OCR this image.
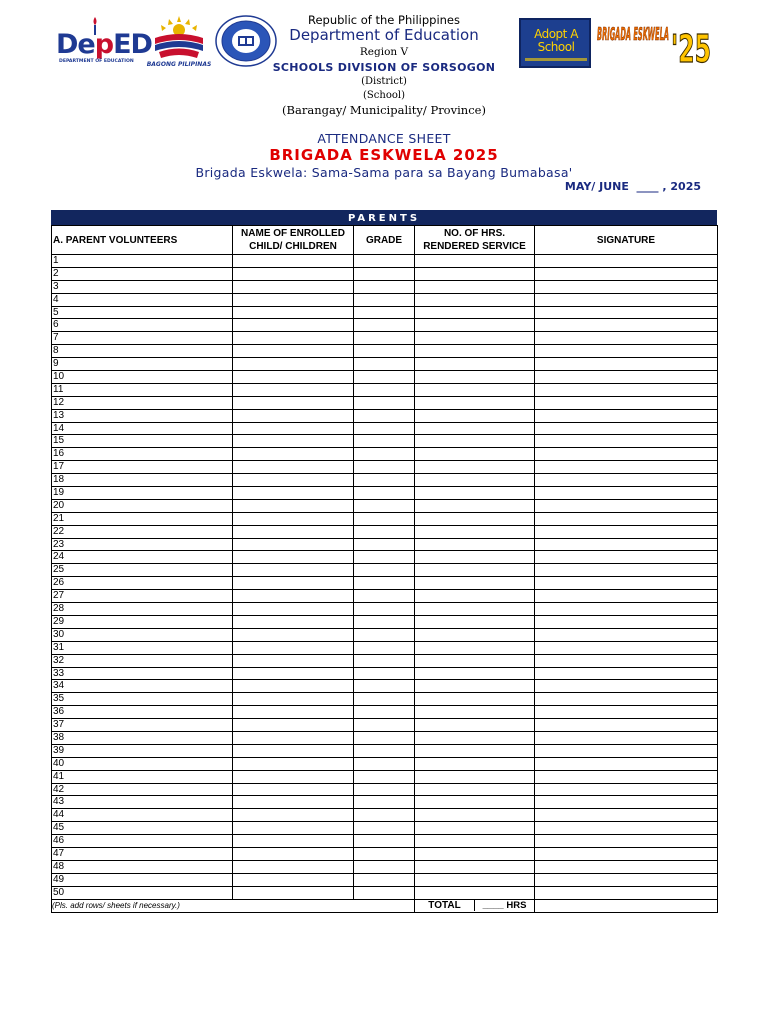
DepED
DEPARTMENT OF EDUCATION BAGONG PILIPINAS
Republic of the Philippines
Department of Education
Region V
SCHOOLS DIVISION OF SORSOGON
(District)
(School)
(Barangay/ Municipality/ Province)
Adopt A School
BRIGADA ESKWELA '25
ATTENDANCE SHEET
BRIGADA ESKWELA 2025
Brigada Eskwela: Sama-Sama para sa Bayang Bumabasa'
MAY/ JUNE  ____ , 2025
PARENTS
A. PARENT VOLUNTEERS	NAME OF ENROLLED CHILD/ CHILDREN	GRADE	NO. OF HRS. RENDERED SERVICE	SIGNATURE
1				
2				
3				
4				
5				
6				
7				
8				
9				
10				
11				
12				
13				
14				
15				
16				
17				
18				
19				
20				
21				
22				
23				
24				
25				
26				
27				
28				
29				
30				
31				
32				
33				
34				
35				
36				
37				
38				
39				
40				
41				
42				
43				
44				
45				
46				
47				
48				
49				
50				
(Pls. add rows/ sheets if necessary.)			TOTAL ____ HRS	
